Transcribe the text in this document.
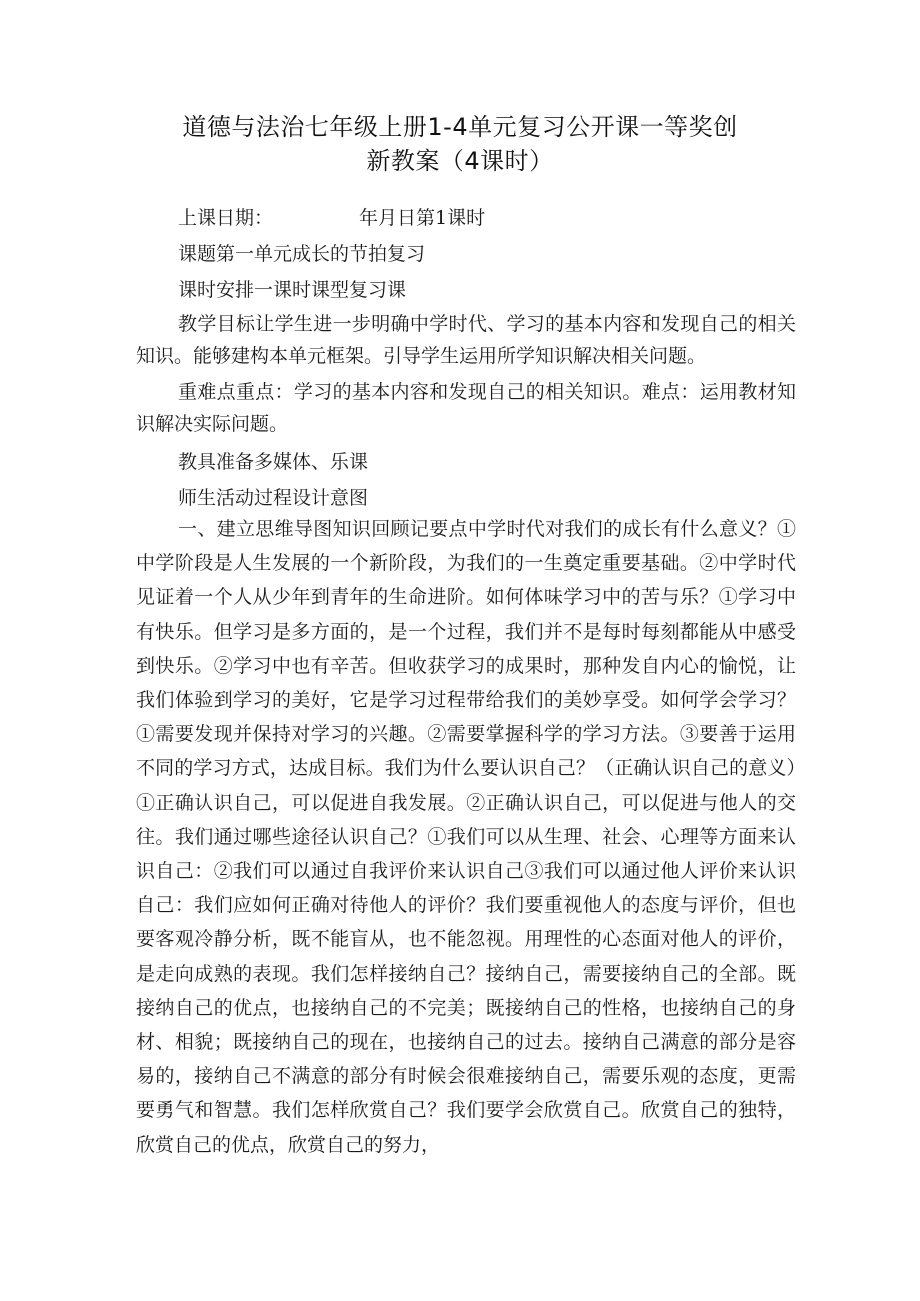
道德与法治七年级上册1-4单元复习公开课一等奖创
新教案（4课时）
上课日期：	年月日第1课时
课题第一单元成长的节拍复习
课时安排一课时课型复习课
教学目标让学生进一步明确中学时代、学习的基本内容和发现自己的相关知识。能够建构本单元框架。引导学生运用所学知识解决相关问题。
重难点重点：学习的基本内容和发现自己的相关知识。难点：运用教材知识解决实际问题。
教具准备多媒体、乐课
师生活动过程设计意图
一、建立思维导图知识回顾记要点中学时代对我们的成长有什么意义？①中学阶段是人生发展的一个新阶段，为我们的一生奠定重要基础。②中学时代见证着一个人从少年到青年的生命进阶。如何体味学习中的苦与乐？①学习中有快乐。但学习是多方面的，是一个过程，我们并不是每时每刻都能从中感受到快乐。②学习中也有辛苦。但收获学习的成果时，那种发自内心的愉悦，让我们体验到学习的美好，它是学习过程带给我们的美妙享受。如何学会学习？①需要发现并保持对学习的兴趣。②需要掌握科学的学习方法。③要善于运用不同的学习方式，达成目标。我们为什么要认识自己？（正确认识自己的意义）①正确认识自己，可以促进自我发展。②正确认识自己，可以促进与他人的交往。我们通过哪些途径认识自己？①我们可以从生理、社会、心理等方面来认识自己：②我们可以通过自我评价来认识自己③我们可以通过他人评价来认识自己：我们应如何正确对待他人的评价？我们要重视他人的态度与评价，但也要客观冷静分析，既不能盲从，也不能忽视。用理性的心态面对他人的评价，是走向成熟的表现。我们怎样接纳自己？接纳自己，需要接纳自己的全部。既接纳自己的优点，也接纳自己的不完美；既接纳自己的性格，也接纳自己的身材、相貌；既接纳自己的现在，也接纳自己的过去。接纳自己满意的部分是容易的，接纳自己不满意的部分有时候会很难接纳自己，需要乐观的态度，更需要勇气和智慧。我们怎样欣赏自己？我们要学会欣赏自己。欣赏自己的独特，欣赏自己的优点，欣赏自己的努力，
